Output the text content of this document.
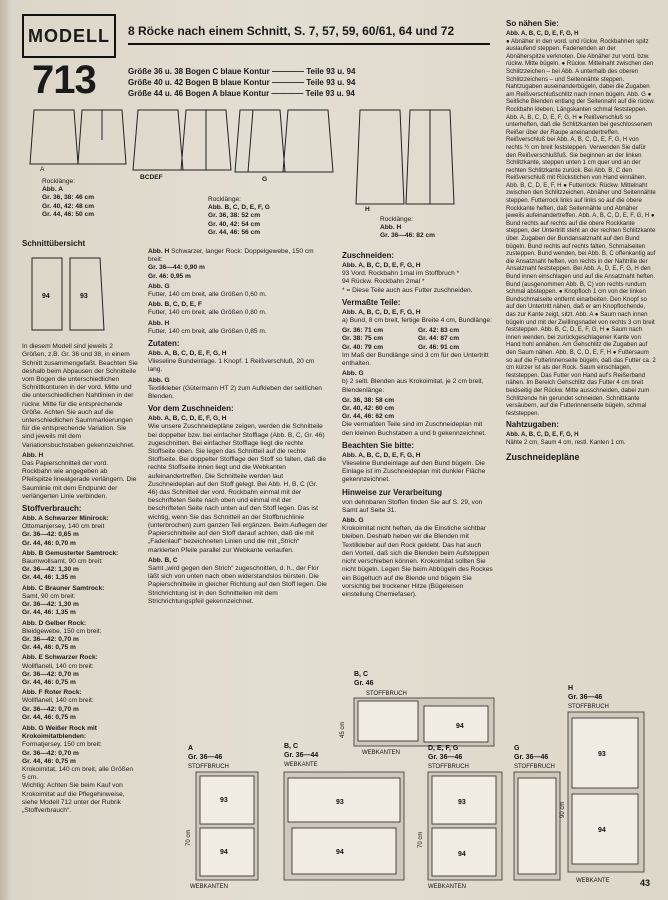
MODELL
713
8 Röcke nach einem Schnitt, S. 7, 57, 59, 60/61, 64 und 72
Größe 36 u. 38 Bogen C blaue Kontur ———— Teile 93 u. 94
Größe 40 u. 42 Bogen B blaue Kontur ———— Teile 93 u. 94
Größe 44 u. 46 Bogen A blaue Kontur ———— Teile 93 u. 94
A
BCDEF	G
H
Rocklänge:
Abb. A
Gr. 36, 38: 46 cm
Gr. 40, 42: 48 cm
Gr. 44, 46: 50 cm
Rocklänge:
Abb. B, C, D, E, F, G
Gr. 36, 38: 52 cm
Gr. 40, 42: 54 cm
Gr. 44, 46: 56 cm
Rocklänge:
Abb. H
Gr. 36—46: 82 cm
Schnittübersicht
94	93

In diesem Modell sind jeweils 2 Größen, z.B. Gr. 36 und 38, in einem Schnitt zusammengefaßt. Beachten Sie deshalb beim Abpausen der Schnitteile vom Bogen die unterschiedlichen Schnittkonturen in der vord. Mitte und die unterschiedlichen Nahtlinien in der rückw. Mitte für die entsprechende Größe. Achten Sie auch auf die unterschiedlichen Saummarkierungen für die entsprechende Variation. Sie sind jeweils mit dem Variationsbuchstaben gekennzeichnet.

Abb. H

Das Papierschnitteil der vord. Rockbahn wie angegeben ab Pfeilspitze linealgerade verlängern. Die Saumlinie mit dem Endpunkt der verlängerten Linie verbinden.

Stoffverbrauch:

Abb. A Schwarzer Minirock:
Ottomanjersey, 140 cm breit
Gr. 36—42: 0,65 m
Gr. 44, 46: 0,70 m

Abb. B Gemusterter Samtrock:
Baumwollsamt, 90 cm breit:
Gr. 36—42: 1,30 m
Gr. 44, 46: 1,35 m

Abb. C Brauner Samtrock:
Samt, 90 cm breit:
Gr. 36—42: 1,30 m
Gr. 44, 46: 1,35 m

Abb. D Gelber Rock:
Bleidgewebe, 150 cm breit:
Gr. 36—42: 0,70 m
Gr. 44, 46: 0,75 m

Abb. E Schwarzer Rock:
Wollflanell, 140 cm breit:
Gr. 36—42: 0,70 m
Gr. 44, 46: 0,75 m

Abb. F Roter Rock:
Wollflanell, 140 cm breit:
Gr. 36—42: 0,70 m
Gr. 44, 46: 0,75 m

Abb. G Weißer Rock mit Krokoimitatblenden:
Formatjersey, 150 cm breit:
Gr. 36—42: 0,70 m
Gr. 44, 46: 0,75 m
Krokoimitat, 140 cm breit, alle Größen 5 cm.
Wichtig: Achten Sie beim Kauf von Krokoimitat auf die Pflegehinweise, siehe Modell 712 unter der Rubrik „Stoffverbrauch“.

Abb. H Schwarzer, langer Rock: Doppelgewebe, 150 cm breit:
Gr. 36—44: 0,90 m
Gr. 46: 0,95 m

Abb. G
Futter, 140 cm breit, alle Größen 0,60 m.

Abb. B, C, D, E, F
Futter, 140 cm breit, alle Größen 0,80 m.

Abb. H
Futter, 140 cm breit, alle Größen 0,85 m.

Zutaten:
Abb. A, B, C, D, E, F, G, H

Vlieseline Bundeinlage. 1 Knopf. 1 Reißverschluß, 20 cm lang.

Abb. G

Textilkleber (Gütermann HT 2) zum Aufkleben der seitlichen Blenden.

Vor dem Zuschneiden:
Abb. A, B, C, D, E, F, G, H

Wie unsere Zuschneidepläne zeigen, werden die Schnitteile bei doppelter bzw. bei einfacher Stofflage (Abb. B, C, Gr. 46) zugeschnitten. Bei einfacher Stofflage liegt die rechte Stoffseite oben. Sie legen das Schnitteil auf die rechte Stoffseite. Bei doppelter Stofflage den Stoff so falten, daß die rechte Stoffseite innen liegt und die Webkanten aufeinandertreffen. Die Schnitteile werden laut Zuschneideplan auf den Stoff gelegt. Bei Abb. H, B, C (Gr. 46) das Schnitteil der vord. Rockbahn einmal mit der beschrifteten Seite nach oben und einmal mit der beschrifteten Seite nach unten auf den Stoff legen. Das ist wichtig, wenn Sie das Schnitteil an der Stoffbruchlinie (unterbrochen) zum ganzen Teil ergänzen. Beim Auflegen der Papierschnitteile auf den Stoff darauf achten, daß die mit „Fadenlauf“ bezeichneten Linien und die mit „Strich“ markierten Pfeile parallel zur Webkante verlaufen.

Abb. B, C

Samt „wird gegen den Strich“ zugeschnitten, d. h., der Flor läßt sich von unten nach oben widerstandslos bürsten. Die Papierschnitteile in gleicher Richtung auf den Stoff legen. Die Strichrichtung ist in den Schnitteilen mit dem Strichrichtungspfeil gekennzeichnet.

Zuschneiden:
Abb. A, B, C, D, E, F, G, H
93 Vord. Rockbahn 1mal im Stoffbruch *
94 Rückw. Rockbahn 2mal *

* = Diese Teile auch aus Futter zuschneiden.

Vermaßte Teile:
Abb. A, B, C, D, E, F, G, H

a) Bund, 8 cm breit, fertige Breite 4 cm, Bundlänge:

Gr. 36: 71 cm	Gr. 42: 83 cm
Gr. 38: 75 cm	Gr. 44: 87 cm
Gr. 40: 79 cm	Gr. 46: 91 cm

Im Maß der Bundlänge sind 3 cm für den Untertritt enthalten.

Abb. G

b) 2 seitl. Blenden aus Krokoimitat, je 2 cm breit, Blendenlänge:

Gr. 36, 38: 58 cm
Gr. 40, 42: 60 cm
Gr. 44, 46: 62 cm

Die vermaßten Teile sind im Zuschneideplan mit den kleinen Buchstaben a und b gekennzeichnet.

Beachten Sie bitte:
Abb. A, B, C, D, E, F, G, H

Vlieseline Bundeinlage auf den Bund bügeln. Die Einlage ist im Zuschneideplan mit dunkler Fläche gekennzeichnet.

Hinweise zur Verarbeitung

von dehnbaren Stoffen finden Sie auf S. 29, von Samt auf Seite 31.

Abb. G

Krokoimitat nicht heften, da die Einstiche sichtbar bleiben. Deshalb heben wir die Blenden mit Textilkleber auf den Rock geklebt. Das hat auch den Vorteil, daß sich die Blenden beim Aufsteppen nicht verschieben können. Krokoimitat sollten Sie nicht bügeln. Legen Sie beim Abbügeln des Rockes ein Bügeltuch auf die Blende und bügeln Sie vorsichtig bei trockener Hitze (Bügeleisen einstellung Chemiefaser).

So nähen Sie:
Abb. A, B, C, D, E, F, G, H

● Abnäher in den vord. und rückw. Rockbahnen spitz auslaufend steppen. Fadenenden an der Abnäherspitze verknoten. Die Abnäher zur vord. bzw. rückw. Mitte bügeln. ● Rückw. Mittelnaht zwischen den Schlitzzeichen – bei Abb. A unterhalb des oberen Schlitzzeichens – und Seitennähte steppen. Nahtzugaben auseinanderbügeln, dabei die Zugaben am Reißverschlußschlitz nach innen bügeln. Abb. G ● Seitliche Blenden entlang der Seitennaht auf die rückw. Rockbahn kleben, Längskanten schmal feststeppen. Abb. A, B, C, D, E, F, G, H ● Reißverschluß so unterheften, daß die Schlitzkanten bei geschlossenem Reißer über der Raupe aneinandertreffen. Reißverschluß bei Abb. A, B, C, D, E, F, G, H von rechts ½ cm breit feststeppen. Verwenden Sie dafür den Reißverschlußfuß. Sie beginnen an der linken Schlitzkante, steppen unten 1 cm quer und an der rechten Schlitzkante zurück. Bei Abb. B, C den Reißverschluß mit Rückstichen von Hand einnähen. Abb. B, C, D, E, F, H ● Futterrock: Rückw. Mittelnaht zwischen den Schlitzzeichen, Abnäher und Seitennähte steppen. Futterrock links auf links so auf die obere Rockkante heften, daß Seitennähte und Abnäher jeweils aufeinandertreffen. Abb. A, B, C, D, E, F, G, H ● Bund rechts auf rechts auf die obere Rockkante steppen, der Untertritt steht an der rechten Schlitzkante über. Zugaben der Bundansatznaht auf den Bund bügeln. Bund rechts auf rechts falten, Schmalseiten zusteppen. Bund wenden, bei Abb. B, C offenkantig auf die Ansatznaht heften, von rechts in der Nahtrille der Ansatznaht feststeppen. Bei Abb. A, D, E, F, G, H den Bund innen einschlagen und auf die Ansatznaht heften. Bund (ausgenommen Abb. B, C) von rechts rundum schmal absteppen. ● Knopfloch 1 cm von der linken Bundschmalseite entfernt einarbeiten. Den Knopf so auf den Untertritt nähen, daß er am Knopflochende, das zur Kante zeigt, sitzt. Abb. A ● Saum nach innen bügeln und mit der Zwillingsnadel von rechts 3 cm breit feststeppen. Abb. B, C, D, E, F, G, H ● Saum nach innen wenden, bei zurückgeschlagener Kante von Hand hohl annähen. Am Gehschlitz die Zugaben auf den Saum nähen. Abb. B, C, D, E, F, H ● Futtersaum so auf die Futterinnenseite bügeln, daß das Futter ca. 2 cm kürzer ist als der Rock. Saum einschlagen, feststeppen. Das Futter von Hand auf's Reißerband nähen. Im Bereich Gehschlitz das Futter 4 cm breit beidseitig der Rückw. Mitte ausschneiden, dabei zum Schlitzende hin gerundet schneiden. Schnittkante versäubern, auf die Futterinnenseite bügeln, schmal feststeppen.

Nahtzugaben:
Abb. A, B, C, D, E, F, G, H

Nähte 2 cm, Saum 4 cm, restl. Kanten 1 cm.

Zuschneidepläne
B, C
Gr. 46
STOFFBRUCH
94
45 cm
WEBKANTEN
A
Gr. 36—46
STOFFBRUCH
93
94
70 cm
WEBKANTEN
B, C
Gr. 36—44
WEBKANTE
93
94
D, E, F, G
Gr. 36—46
STOFFBRUCH
93
94
70 cm
WEBKANTEN
G
Gr. 36—46
STOFFBRUCH
H
Gr. 36—46
STOFFBRUCH
93
94
90 cm
WEBKANTE	43
